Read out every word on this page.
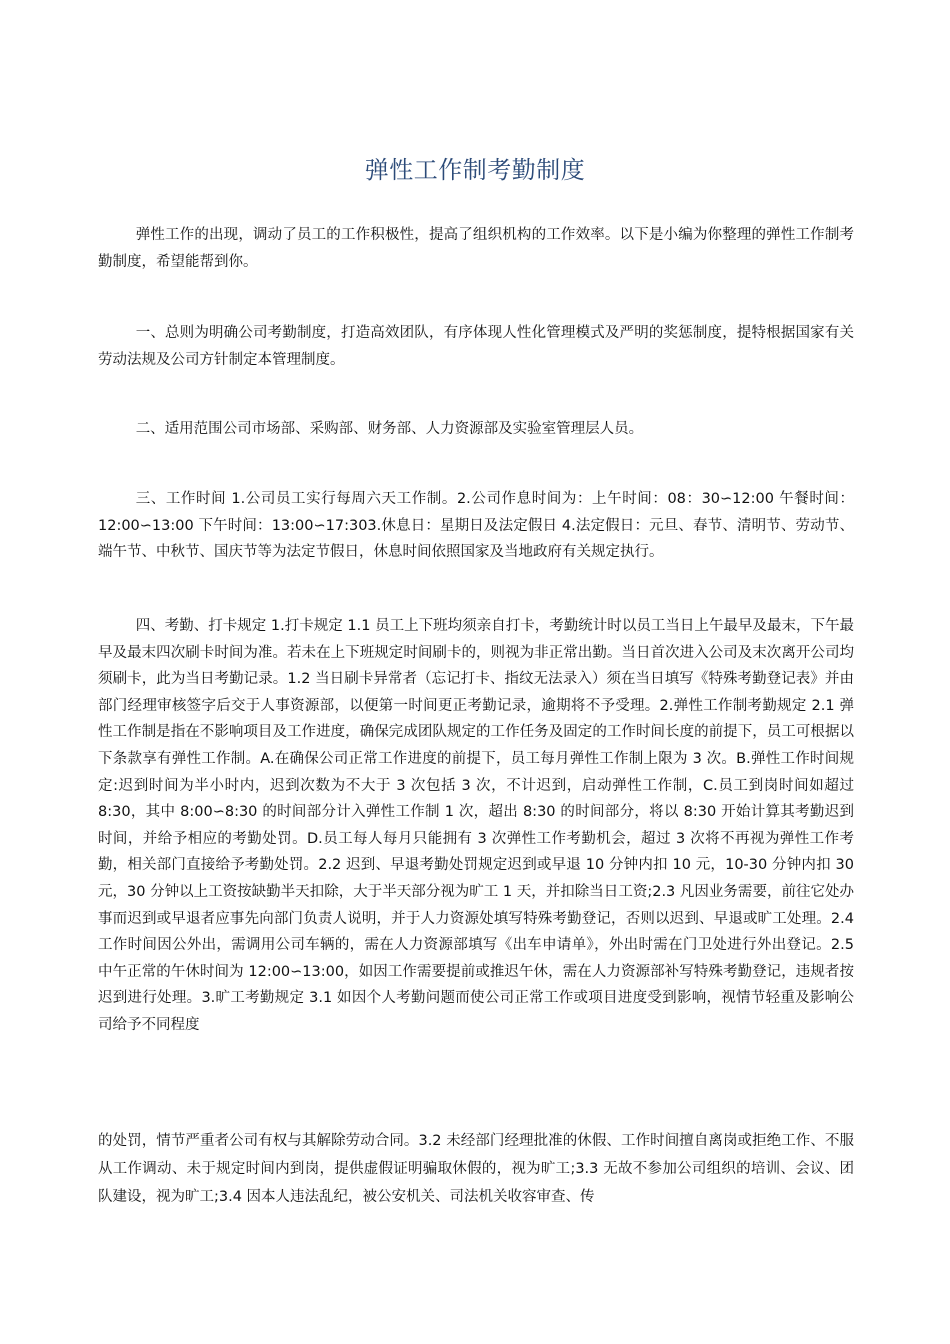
弹性工作制考勤制度

弹性工作的出现，调动了员工的工作积极性，提高了组织机构的工作效率。以下是小编为你整理的弹性工作制考勤制度，希望能帮到你。

一、总则为明确公司考勤制度，打造高效团队，有序体现人性化管理模式及严明的奖惩制度，提特根据国家有关劳动法规及公司方针制定本管理制度。

二、适用范围公司市场部、采购部、财务部、人力资源部及实验室管理层人员。

三、工作时间 1.公司员工实行每周六天工作制。2.公司作息时间为：上午时间：08：30∽12:00 午餐时间：12:00∽13:00 下午时间：13:00∽17:303.休息日：星期日及法定假日 4.法定假日：元旦、春节、清明节、劳动节、端午节、中秋节、国庆节等为法定节假日，休息时间依照国家及当地政府有关规定执行。

四、考勤、打卡规定 1.打卡规定 1.1 员工上下班均须亲自打卡，考勤统计时以员工当日上午最早及最末，下午最早及最末四次刷卡时间为准。若未在上下班规定时间刷卡的，则视为非正常出勤。当日首次进入公司及末次离开公司均须刷卡，此为当日考勤记录。1.2 当日刷卡异常者（忘记打卡、指纹无法录入）须在当日填写《特殊考勤登记表》并由部门经理审核签字后交于人事资源部，以便第一时间更正考勤记录，逾期将不予受理。2.弹性工作制考勤规定 2.1 弹性工作制是指在不影响项目及工作进度，确保完成团队规定的工作任务及固定的工作时间长度的前提下，员工可根据以下条款享有弹性工作制。A.在确保公司正常工作进度的前提下，员工每月弹性工作制上限为 3 次。B.弹性工作时间规定:迟到时间为半小时内，迟到次数为不大于 3 次包括 3 次，不计迟到，启动弹性工作制，C.员工到岗时间如超过 8:30，其中 8:00∽8:30 的时间部分计入弹性工作制 1 次，超出 8:30 的时间部分，将以 8:30 开始计算其考勤迟到时间，并给予相应的考勤处罚。D.员工每人每月只能拥有 3 次弹性工作考勤机会，超过 3 次将不再视为弹性工作考勤，相关部门直接给予考勤处罚。2.2 迟到、早退考勤处罚规定迟到或早退 10 分钟内扣 10 元，10-30 分钟内扣 30 元，30 分钟以上工资按缺勤半天扣除，大于半天部分视为旷工 1 天，并扣除当日工资;2.3 凡因业务需要，前往它处办事而迟到或早退者应事先向部门负责人说明，并于人力资源处填写特殊考勤登记，否则以迟到、早退或旷工处理。2.4 工作时间因公外出，需调用公司车辆的，需在人力资源部填写《出车申请单》，外出时需在门卫处进行外出登记。2.5 中午正常的午休时间为 12:00∽13:00，如因工作需要提前或推迟午休，需在人力资源部补写特殊考勤登记，违规者按迟到进行处理。3.旷工考勤规定 3.1 如因个人考勤问题而使公司正常工作或项目进度受到影响，视情节轻重及影响公司给予不同程度

的处罚，情节严重者公司有权与其解除劳动合同。3.2 未经部门经理批准的休假、工作时间擅自离岗或拒绝工作、不服从工作调动、未于规定时间内到岗，提供虚假证明骗取休假的，视为旷工;3.3 无故不参加公司组织的培训、会议、团队建设，视为旷工;3.4 因本人违法乱纪，被公安机关、司法机关收容审查、传
